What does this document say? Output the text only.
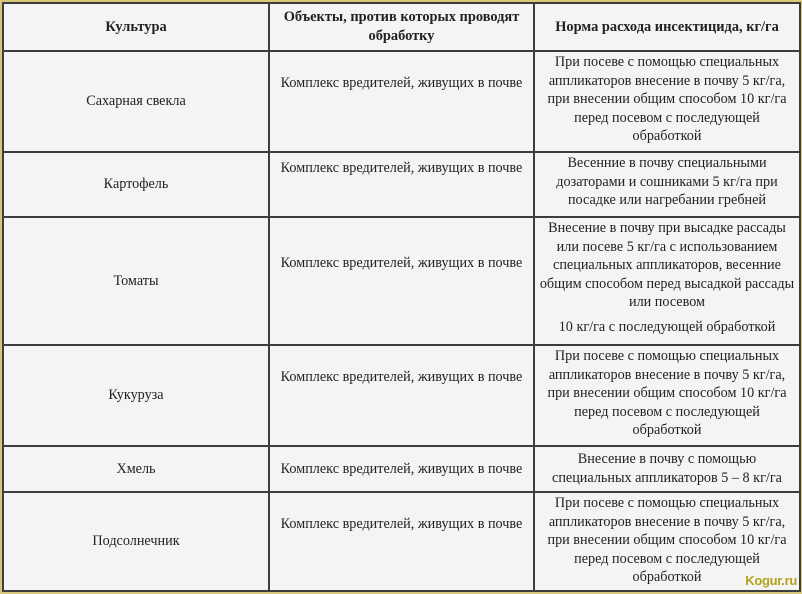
Культура	Объекты, против которых проводят обработку	Норма расхода инсектицида, кг/га
Сахарная свекла	Комплекс вредителей, живущих в почве	При посеве с помощью специальных аппликаторов внесение в почву 5 кг/га, при внесении общим способом 10 кг/га перед посевом с последующей обработкой
Картофель	Комплекс вредителей, живущих в почве	Весенние в почву специальными дозаторами и сошниками 5 кг/га при посадке или нагребании гребней
Томаты	Комплекс вредителей, живущих в почве	Внесение в почву при высадке рассады или посеве 5 кг/га с использованием специальных аппликаторов, весенние общим способом перед высадкой рассады или посевом
10 кг/га с последующей обработкой

Кукуруза	Комплекс вредителей, живущих в почве	При посеве с помощью специальных аппликаторов внесение в почву 5 кг/га, при внесении общим способом 10 кг/га перед посевом с последующей обработкой
Хмель	Комплекс вредителей, живущих в почве	Внесение в почву с помощью специальных аппликаторов 5 – 8 кг/га
Подсолнечник	Комплекс вредителей, живущих в почве	При посеве с помощью специальных аппликаторов внесение в почву 5 кг/га, при внесении общим способом 10 кг/га перед посевом с последующей обработкой	Kogur.ru
